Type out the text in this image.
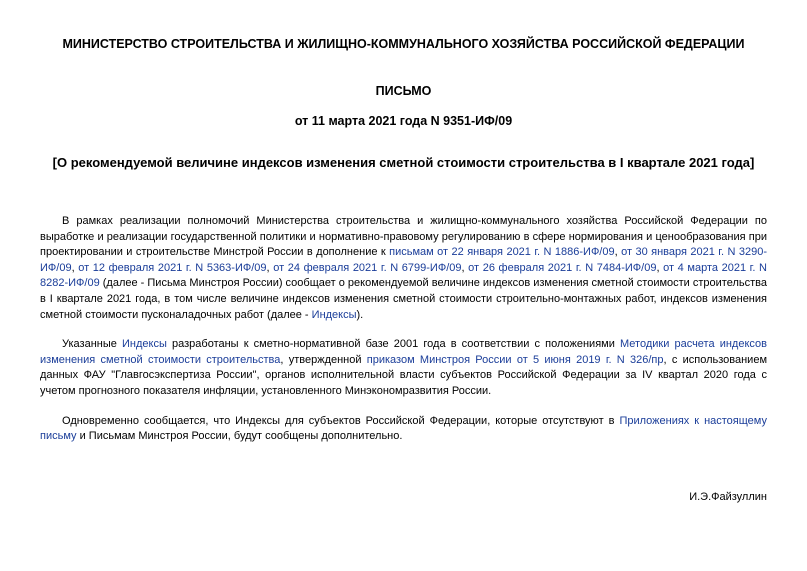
МИНИСТЕРСТВО СТРОИТЕЛЬСТВА И ЖИЛИЩНО-КОММУНАЛЬНОГО ХОЗЯЙСТВА РОССИЙСКОЙ ФЕДЕРАЦИИ
ПИСЬМО
от 11 марта 2021 года N 9351-ИФ/09
[О рекомендуемой величине индексов изменения сметной стоимости строительства в I квартале 2021 года]

В рамках реализации полномочий Министерства строительства и жилищно-коммунального хозяйства Российской Федерации по выработке и реализации государственной политики и нормативно-правовому регулированию в сфере нормирования и ценообразования при проектировании и строительстве Минстрой России в дополнение к письмам от 22 января 2021 г. N 1886-ИФ/09, от 30 января 2021 г. N 3290-ИФ/09, от 12 февраля 2021 г. N 5363-ИФ/09, от 24 февраля 2021 г. N 6799-ИФ/09, от 26 февраля 2021 г. N 7484-ИФ/09, от 4 марта 2021 г. N 8282-ИФ/09 (далее - Письма Минстроя России) сообщает о рекомендуемой величине индексов изменения сметной стоимости строительства в I квартале 2021 года, в том числе величине индексов изменения сметной стоимости строительно-монтажных работ, индексов изменения сметной стоимости пусконаладочных работ (далее - Индексы).

Указанные Индексы разработаны к сметно-нормативной базе 2001 года в соответствии с положениями Методики расчета индексов изменения сметной стоимости строительства, утвержденной приказом Минстроя России от 5 июня 2019 г. N 326/пр, с использованием данных ФАУ "Главгосэкспертиза России", органов исполнительной власти субъектов Российской Федерации за IV квартал 2020 года с учетом прогнозного показателя инфляции, установленного Минэкономразвития России.

Одновременно сообщается, что Индексы для субъектов Российской Федерации, которые отсутствуют в Приложениях к настоящему письму и Письмам Минстроя России, будут сообщены дополнительно.

И.Э.Файзуллин
